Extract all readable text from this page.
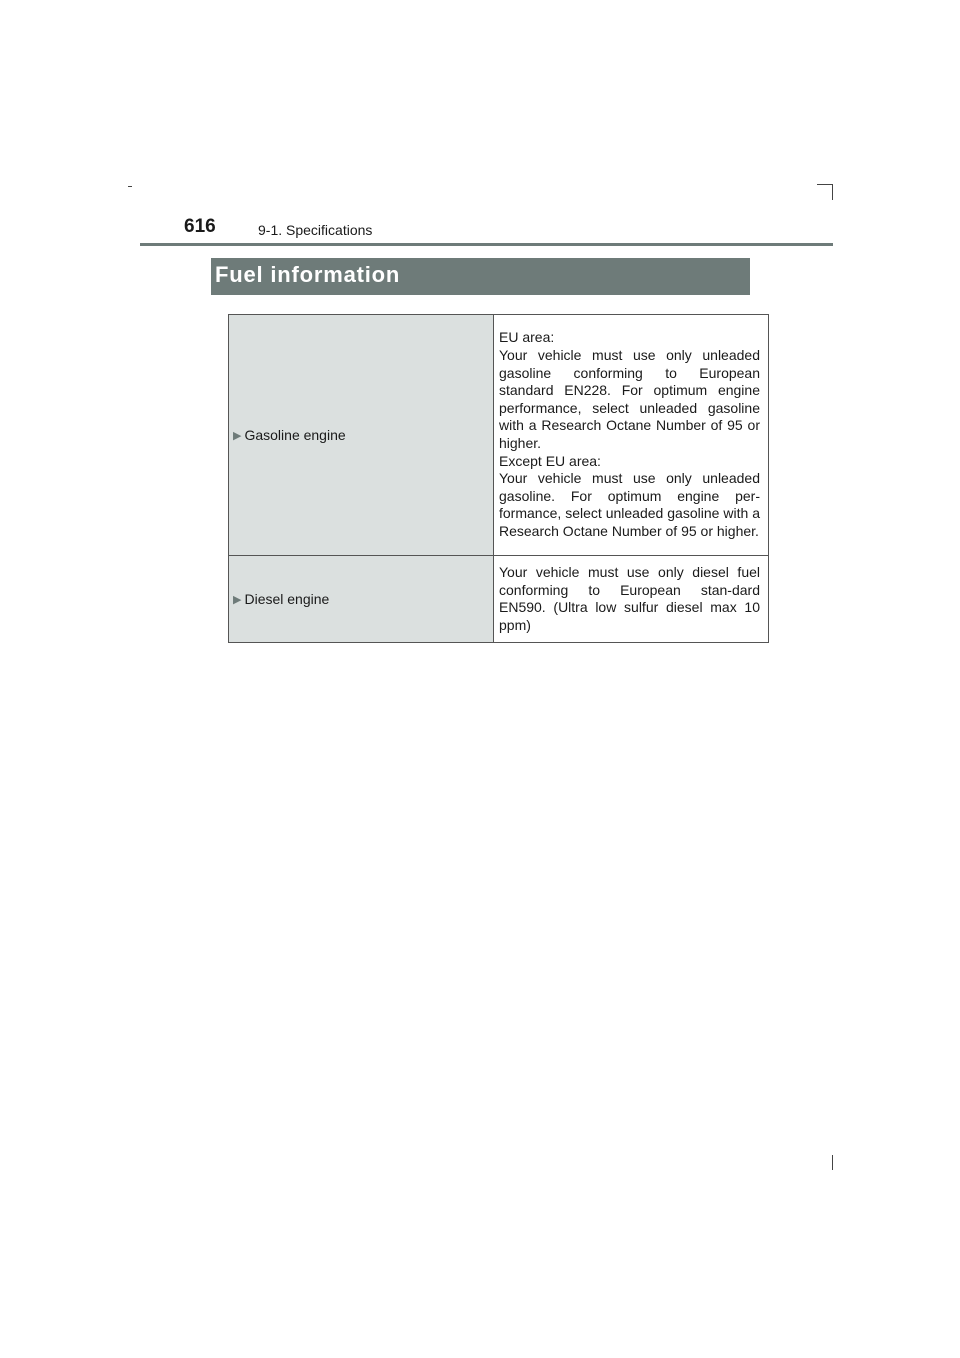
616	9-1. Specifications
Fuel information
▶ Gasoline engine	EU area:

Your vehicle must use only unleaded gasoline conforming to European standard EN228. For optimum engine performance, select unleaded gasoline with a Research Octane Number of 95 or higher.

Except EU area:

Your vehicle must use only unleaded gasoline. For optimum engine per-formance, select unleaded gasoline with a Research Octane Number of 95 or higher.

▶ Diesel engine	Your vehicle must use only diesel fuel conforming to European stan-dard EN590. (Ultra low sulfur diesel max 10 ppm)
